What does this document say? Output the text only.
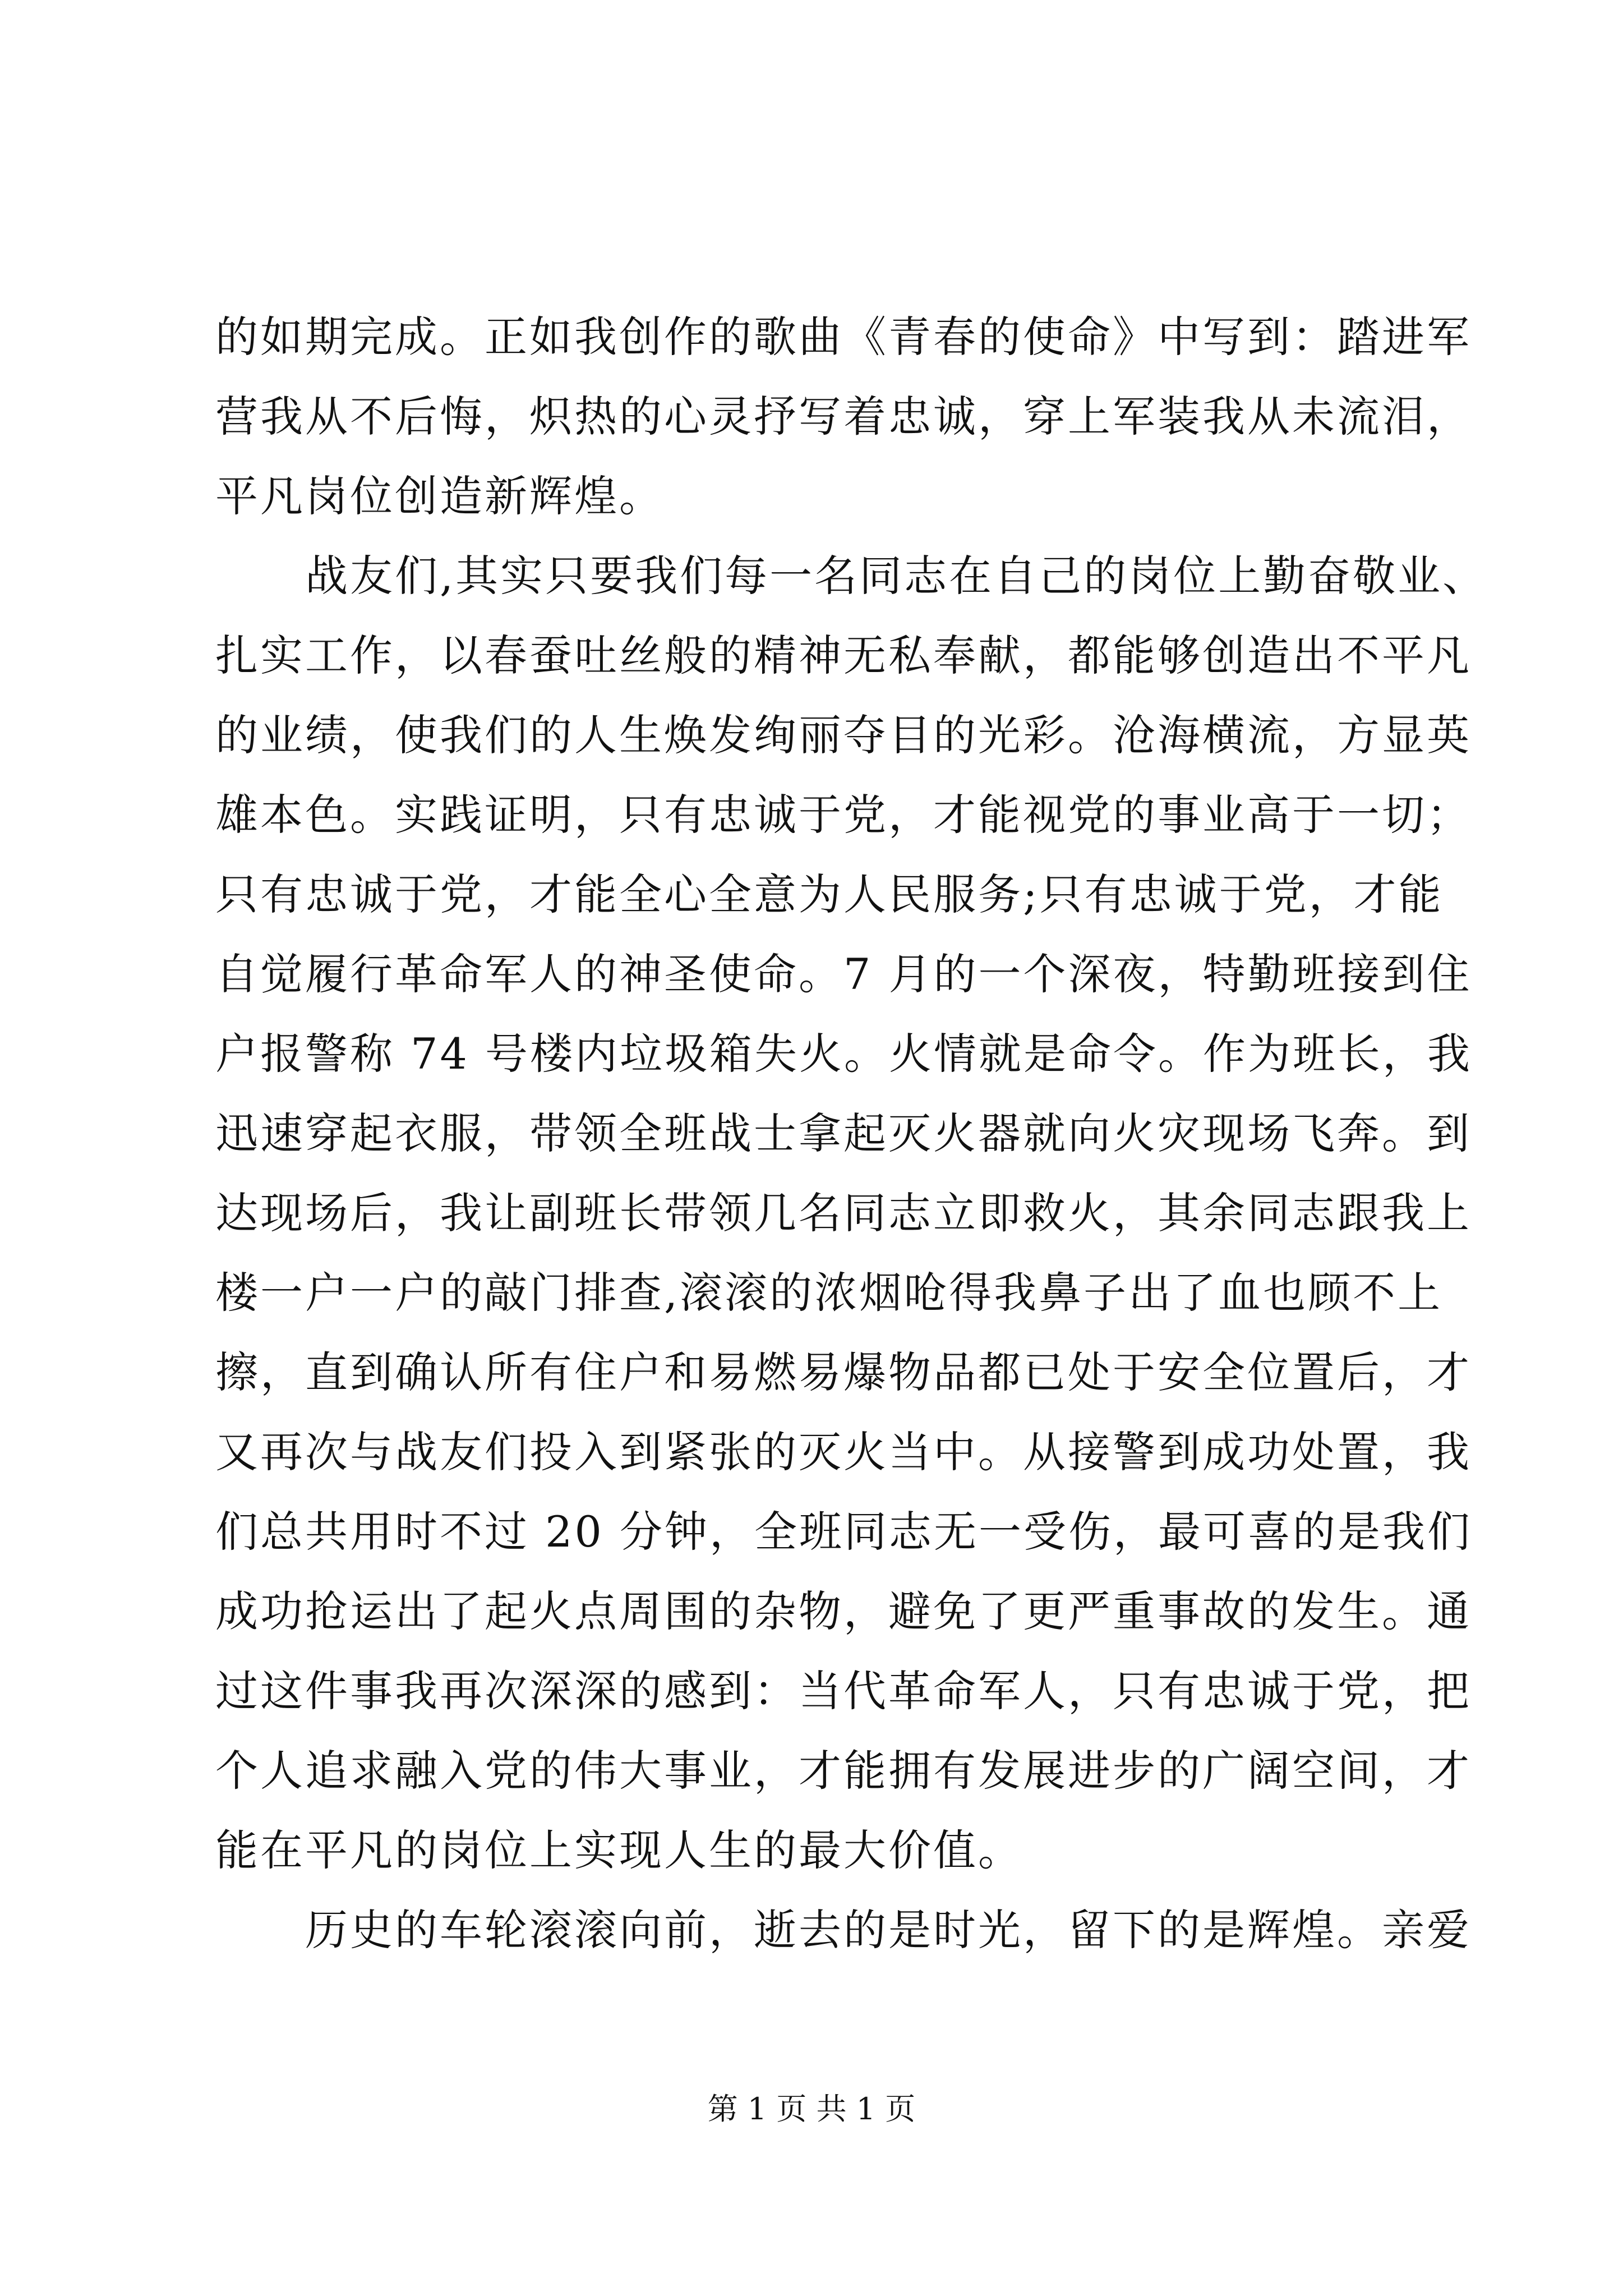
的如期完成。正如我创作的歌曲《青春的使命》中写到：踏进军
营我从不后悔，炽热的心灵抒写着忠诚，穿上军装我从未流泪，
平凡岗位创造新辉煌。
战友们,其实只要我们每一名同志在自己的岗位上勤奋敬业、
扎实工作，以春蚕吐丝般的精神无私奉献，都能够创造出不平凡
的业绩，使我们的人生焕发绚丽夺目的光彩。沧海横流，方显英
雄本色。实践证明，只有忠诚于党，才能视党的事业高于一切；
只有忠诚于党，才能全心全意为人民服务;只有忠诚于党，才能
自觉履行革命军人的神圣使命。7 月的一个深夜，特勤班接到住
户报警称 74 号楼内垃圾箱失火。火情就是命令。作为班长，我
迅速穿起衣服，带领全班战士拿起灭火器就向火灾现场飞奔。到
达现场后，我让副班长带领几名同志立即救火，其余同志跟我上
楼一户一户的敲门排查,滚滚的浓烟呛得我鼻子出了血也顾不上
擦，直到确认所有住户和易燃易爆物品都已处于安全位置后，才
又再次与战友们投入到紧张的灭火当中。从接警到成功处置，我
们总共用时不过 20 分钟，全班同志无一受伤，最可喜的是我们
成功抢运出了起火点周围的杂物，避免了更严重事故的发生。通
过这件事我再次深深的感到：当代革命军人，只有忠诚于党，把
个人追求融入党的伟大事业，才能拥有发展进步的广阔空间，才
能在平凡的岗位上实现人生的最大价值。
历史的车轮滚滚向前，逝去的是时光，留下的是辉煌。亲爱
第 1 页 共 1 页
